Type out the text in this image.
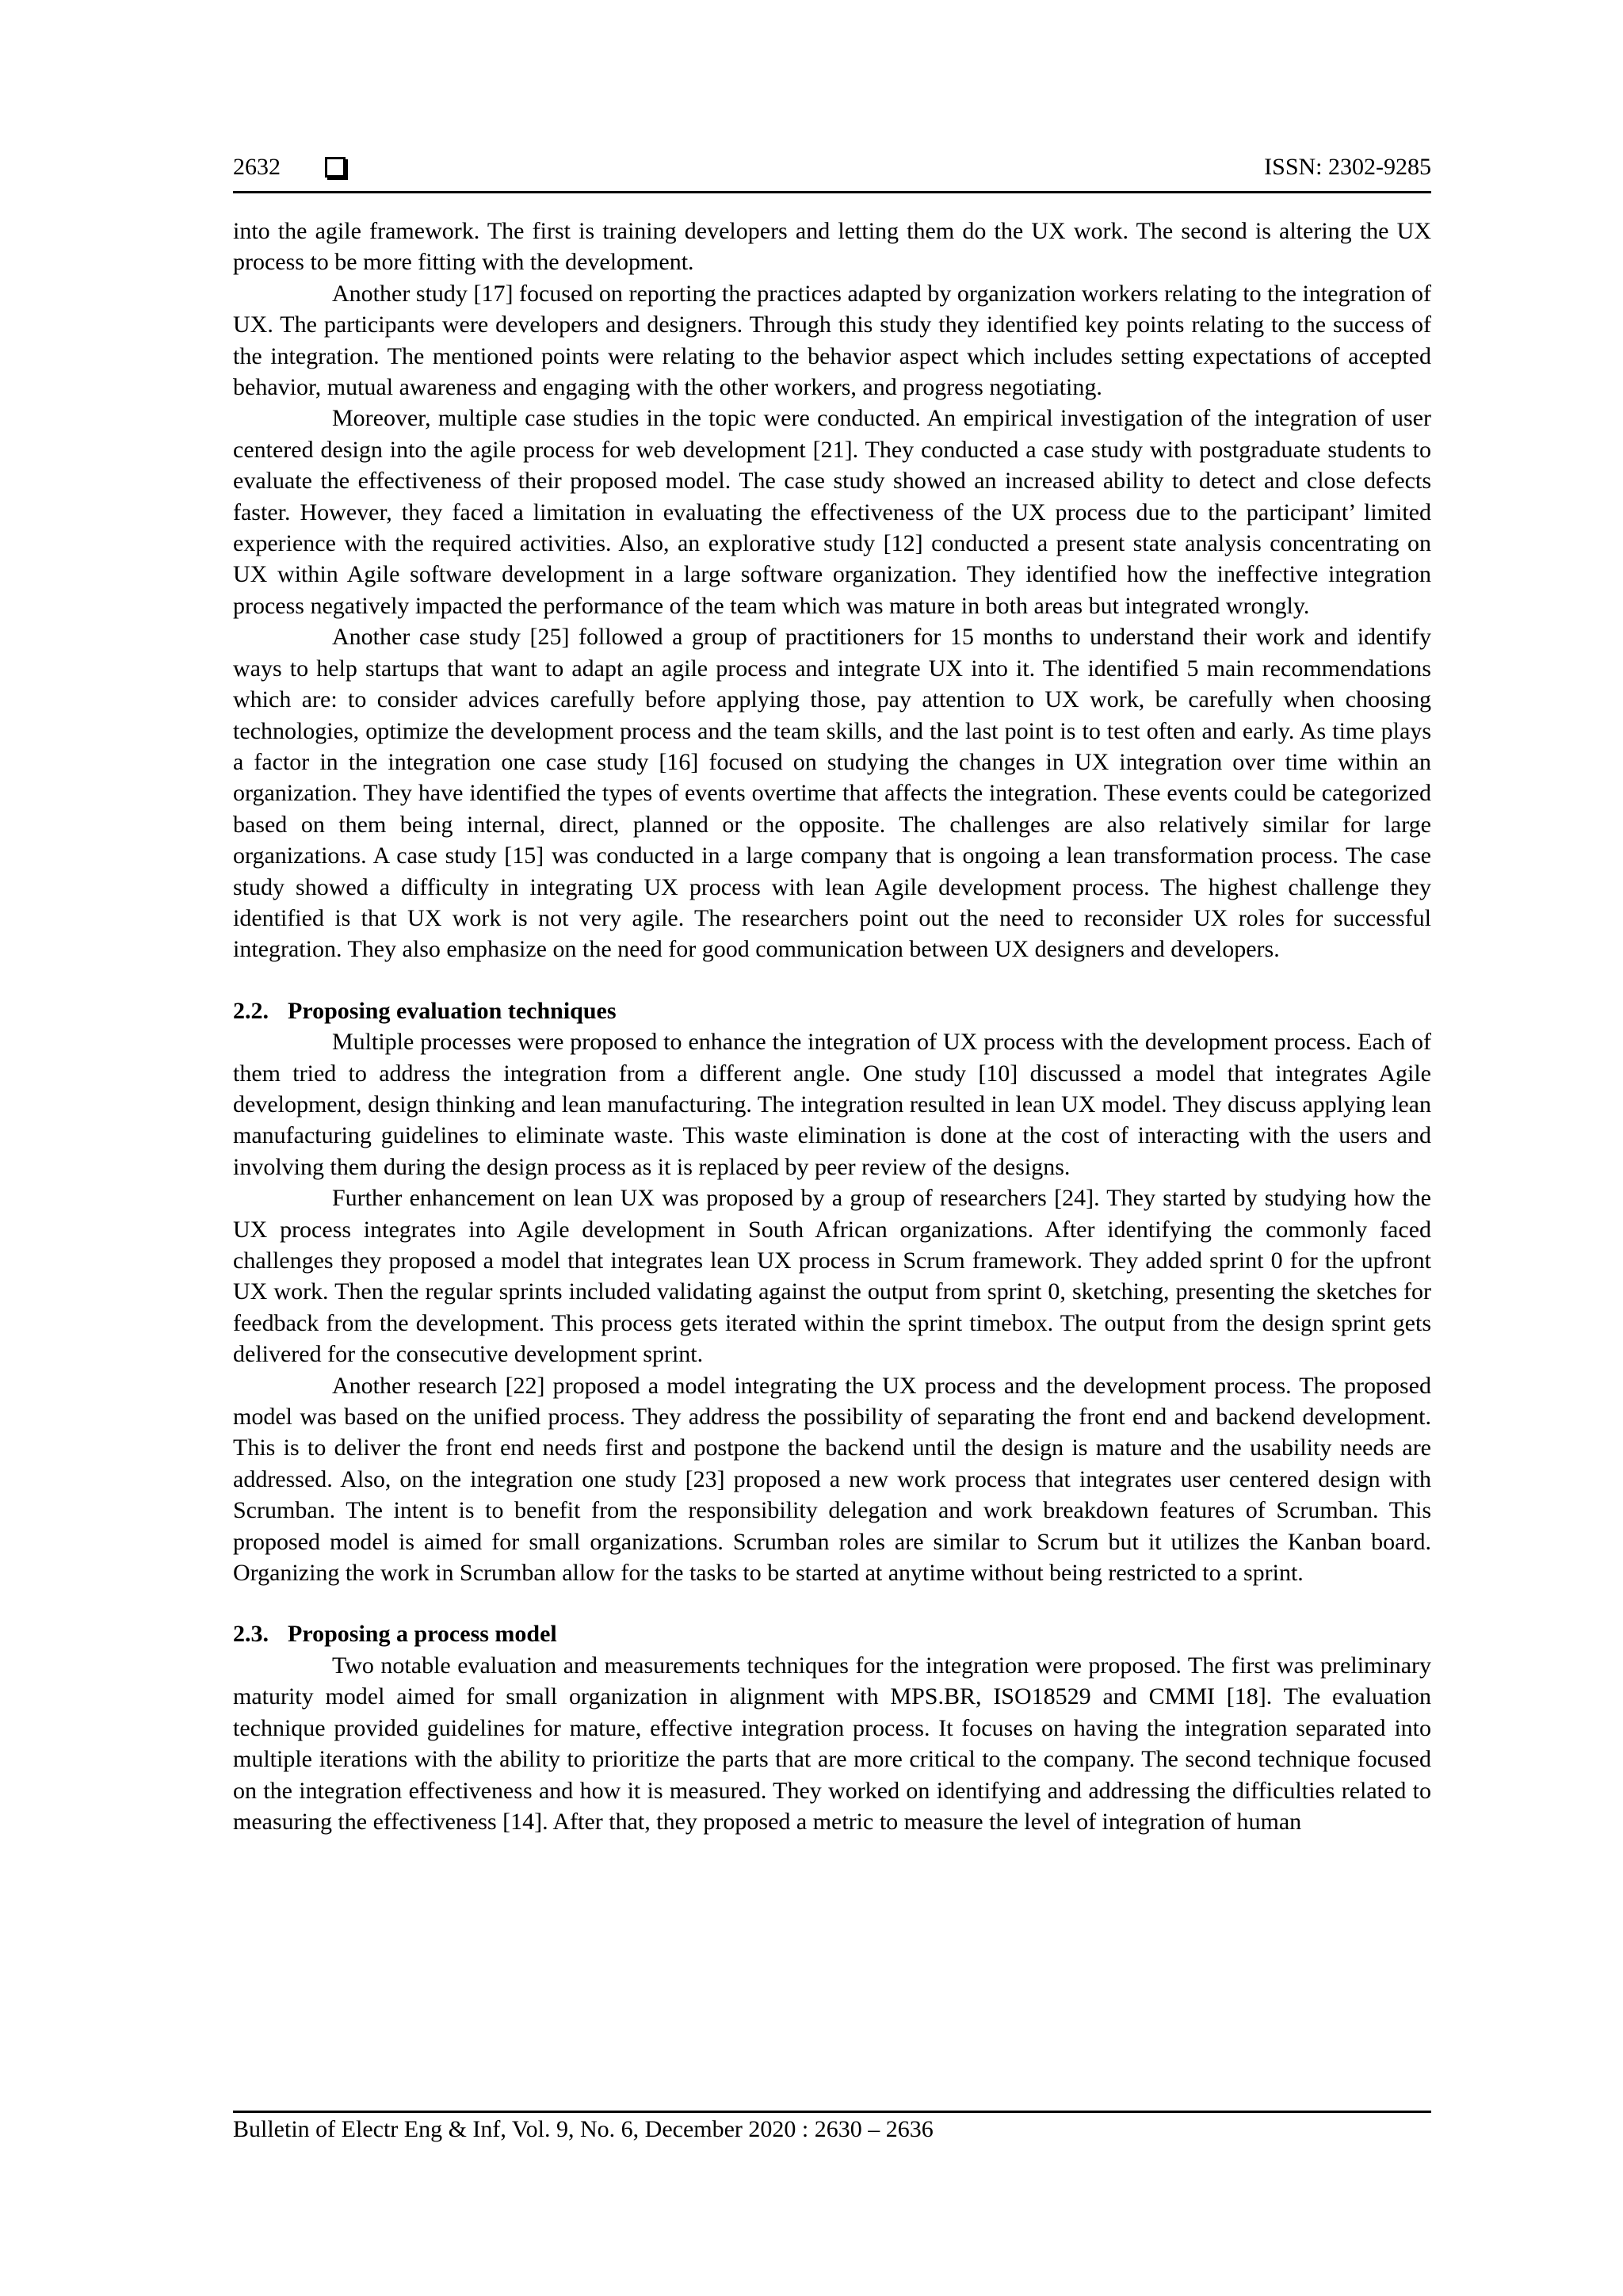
2632	ISSN: 2302-9285

into the agile framework. The first is training developers and letting them do the UX work. The second is altering the UX process to be more fitting with the development.

Another study [17] focused on reporting the practices adapted by organization workers relating to the integration of UX. The participants were developers and designers. Through this study they identified key points relating to the success of the integration. The mentioned points were relating to the behavior aspect which includes setting expectations of accepted behavior, mutual awareness and engaging with the other workers, and progress negotiating.

Moreover, multiple case studies in the topic were conducted. An empirical investigation of the integration of user centered design into the agile process for web development [21]. They conducted a case study with postgraduate students to evaluate the effectiveness of their proposed model. The case study showed an increased ability to detect and close defects faster. However, they faced a limitation in evaluating the effectiveness of the UX process due to the participant’ limited experience with the required activities. Also, an explorative study [12] conducted a present state analysis concentrating on UX within Agile software development in a large software organization. They identified how the ineffective integration process negatively impacted the performance of the team which was mature in both areas but integrated wrongly.

Another case study [25] followed a group of practitioners for 15 months to understand their work and identify ways to help startups that want to adapt an agile process and integrate UX into it. The identified 5 main recommendations which are: to consider advices carefully before applying those, pay attention to UX work, be carefully when choosing technologies, optimize the development process and the team skills, and the last point is to test often and early. As time plays a factor in the integration one case study [16] focused on studying the changes in UX integration over time within an organization. They have identified the types of events overtime that affects the integration. These events could be categorized based on them being internal, direct, planned or the opposite. The challenges are also relatively similar for large organizations. A case study [15] was conducted in a large company that is ongoing a lean transformation process. The case study showed a difficulty in integrating UX process with lean Agile development process. The highest challenge they identified is that UX work is not very agile. The researchers point out the need to reconsider UX roles for successful integration. They also emphasize on the need for good communication between UX designers and developers.

2.2. Proposing evaluation techniques

Multiple processes were proposed to enhance the integration of UX process with the development process. Each of them tried to address the integration from a different angle. One study [10] discussed a model that integrates Agile development, design thinking and lean manufacturing. The integration resulted in lean UX model. They discuss applying lean manufacturing guidelines to eliminate waste. This waste elimination is done at the cost of interacting with the users and involving them during the design process as it is replaced by peer review of the designs.

Further enhancement on lean UX was proposed by a group of researchers [24]. They started by studying how the UX process integrates into Agile development in South African organizations. After identifying the commonly faced challenges they proposed a model that integrates lean UX process in Scrum framework. They added sprint 0 for the upfront UX work. Then the regular sprints included validating against the output from sprint 0, sketching, presenting the sketches for feedback from the development. This process gets iterated within the sprint timebox. The output from the design sprint gets delivered for the consecutive development sprint.

Another research [22] proposed a model integrating the UX process and the development process. The proposed model was based on the unified process. They address the possibility of separating the front end and backend development. This is to deliver the front end needs first and postpone the backend until the design is mature and the usability needs are addressed. Also, on the integration one study [23] proposed a new work process that integrates user centered design with Scrumban. The intent is to benefit from the responsibility delegation and work breakdown features of Scrumban. This proposed model is aimed for small organizations. Scrumban roles are similar to Scrum but it utilizes the Kanban board. Organizing the work in Scrumban allow for the tasks to be started at anytime without being restricted to a sprint.

2.3. Proposing a process model

Two notable evaluation and measurements techniques for the integration were proposed. The first was preliminary maturity model aimed for small organization in alignment with MPS.BR, ISO18529 and CMMI [18]. The evaluation technique provided guidelines for mature, effective integration process. It focuses on having the integration separated into multiple iterations with the ability to prioritize the parts that are more critical to the company. The second technique focused on the integration effectiveness and how it is measured. They worked on identifying and addressing the difficulties related to measuring the effectiveness [14]. After that, they proposed a metric to measure the level of integration of human

Bulletin of Electr Eng & Inf, Vol. 9, No. 6, December 2020 : 2630 – 2636
